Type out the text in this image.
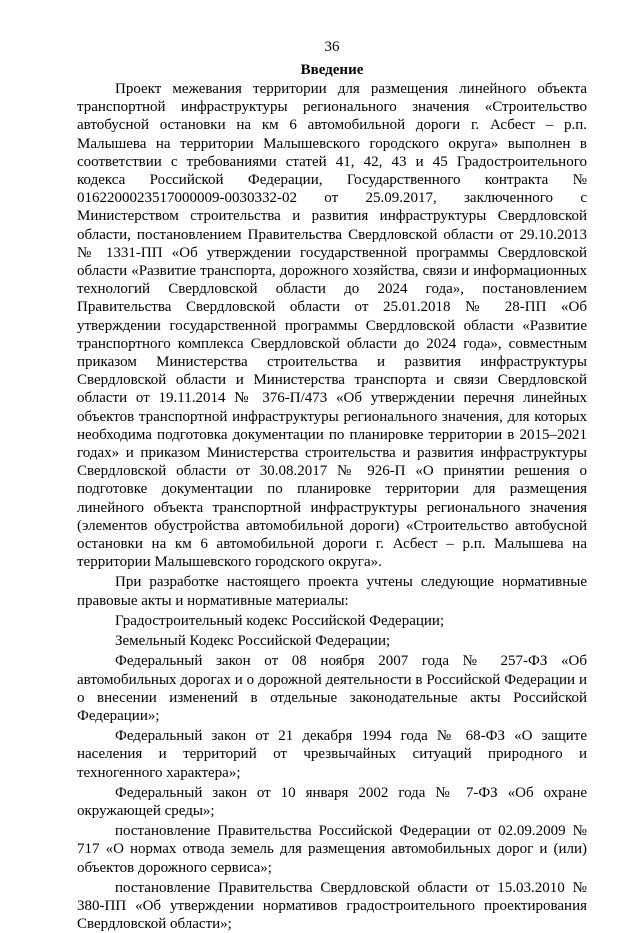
36
Введение

Проект межевания территории для размещения линейного объекта транспортной инфраструктуры регионального значения «Строительство автобусной остановки на км 6 автомобильной дороги г. Асбест – р.п. Малышева на территории Малышевского городского округа» выполнен в соответствии с требованиями статей 41, 42, 43 и 45 Градостроительного кодекса Российской Федерации, Государственного контракта № 0162200023517000009-0030332-02 от 25.09.2017, заключенного с Министерством строительства и развития инфраструктуры Свердловской области, постановлением Правительства Свердловской области от 29.10.2013 № 1331-ПП «Об утверждении государственной программы Свердловской области «Развитие транспорта, дорожного хозяйства, связи и информационных технологий Свердловской области до 2024 года», постановлением Правительства Свердловской области от 25.01.2018 № 28-ПП «Об утверждении государственной программы Свердловской области «Развитие транспортного комплекса Свердловской области до 2024 года», совместным приказом Министерства строительства и развития инфраструктуры Свердловской области и Министерства транспорта и связи Свердловской области от 19.11.2014 № 376-П/473 «Об утверждении перечня линейных объектов транспортной инфраструктуры регионального значения, для которых необходима подготовка документации по планировке территории в 2015–2021 годах» и приказом Министерства строительства и развития инфраструктуры Свердловской области от 30.08.2017 № 926-П «О принятии решения о подготовке документации по планировке территории для размещения линейного объекта транспортной инфраструктуры регионального значения (элементов обустройства автомобильной дороги) «Строительство автобусной остановки на км 6 автомобильной дороги г. Асбест – р.п. Малышева на территории Малышевского городского округа».

При разработке настоящего проекта учтены следующие нормативные правовые акты и нормативные материалы:

Градостроительный кодекс Российской Федерации;

Земельный Кодекс Российской Федерации;

Федеральный закон от 08 ноября 2007 года № 257-ФЗ «Об автомобильных дорогах и о дорожной деятельности в Российской Федерации и о внесении изменений в отдельные законодательные акты Российской Федерации»;

Федеральный закон от 21 декабря 1994 года № 68-ФЗ «О защите населения и территорий от чрезвычайных ситуаций природного и техногенного характера»;

Федеральный закон от 10 января 2002 года № 7-ФЗ «Об охране окружающей среды»;

постановление Правительства Российской Федерации от 02.09.2009 № 717 «О нормах отвода земель для размещения автомобильных дорог и (или) объектов дорожного сервиса»;

постановление Правительства Свердловской области от 15.03.2010 № 380-ПП «Об утверждении нормативов градостроительного проектирования Свердловской области»;
